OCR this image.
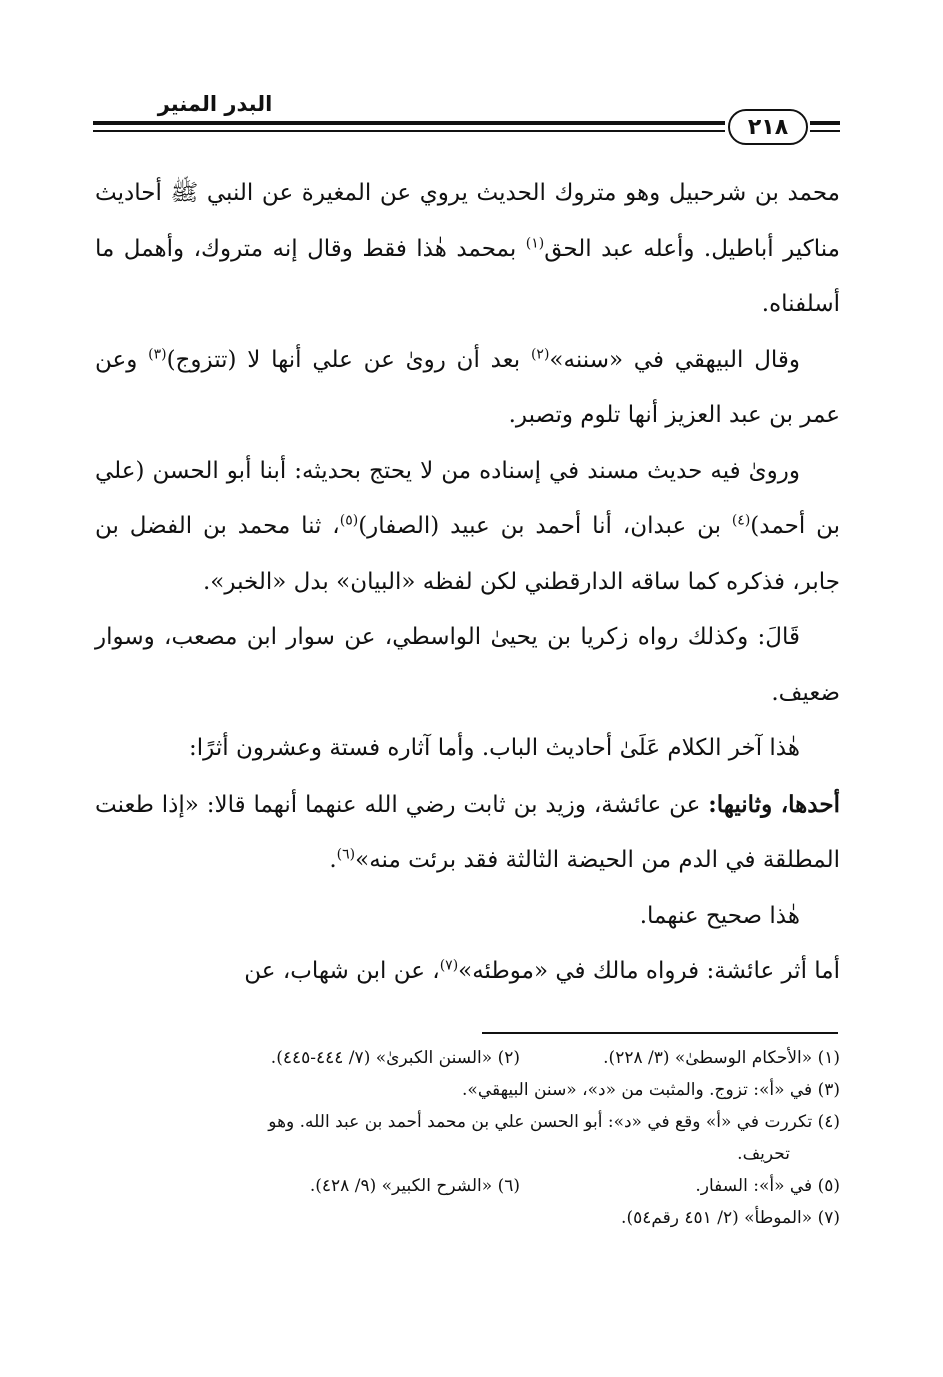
البدر المنير
٢١٨

محمد بن شرحبيل وهو متروك الحديث يروي عن المغيرة عن النبي ﷺ أحاديث مناكير أباطيل. وأعله عبد الحق$^{(١)}$ بمحمد هٰذا فقط وقال إنه متروك، وأهمل ما أسلفناه.

وقال البيهقي في «سننه»$^{(٢)}$ بعد أن روىٰ عن علي أنها لا (تتزوج)$^{(٣)}$ وعن عمر بن عبد العزيز أنها تلوم وتصبر.

ورویٰ فيه حديث مسند في إسناده من لا يحتج بحديثه: أبنا أبو الحسن (علي بن أحمد)$^{(٤)}$ بن عبدان، أنا أحمد بن عبيد (الصفار)$^{(٥)}$، ثنا محمد بن الفضل بن جابر، فذكره كما ساقه الدارقطني لكن لفظه «البيان» بدل «الخبر».

قَالَ: وكذلك رواه زكريا بن يحيىٰ الواسطي، عن سوار ابن مصعب، وسوار ضعيف.

هٰذا آخر الكلام عَلَىٰ أحاديث الباب. وأما آثاره فستة وعشرون أثرًا:

أحدها، وثانيها: عن عائشة، وزيد بن ثابت رضي الله عنهما أنهما قالا: «إذا طعنت المطلقة في الدم من الحيضة الثالثة فقد برئت منه»$^{(٦)}$.

هٰذا صحيح عنهما.

أما أثر عائشة: فرواه مالك في «موطئه»$^{(٧)}$، عن ابن شهاب، عن

(١) «الأحكام الوسطىٰ» (٣/ ٢٢٨).
(٢) «السنن الكبرىٰ» (٧/ ٤٤٤-٤٤٥).
(٣) في «أ»: تزوج. والمثبت من «د»، «سنن البيهقي».
(٤) تكررت في «أ» وقع في «د»: أبو الحسن علي بن محمد أحمد بن عبد الله. وهو
تحريف.
(٥) في «أ»: السفار.
(٦) «الشرح الكبير» (٩/ ٤٢٨).
(٧) «الموطأ» (٢/ ٤٥١ رقم٥٤).
